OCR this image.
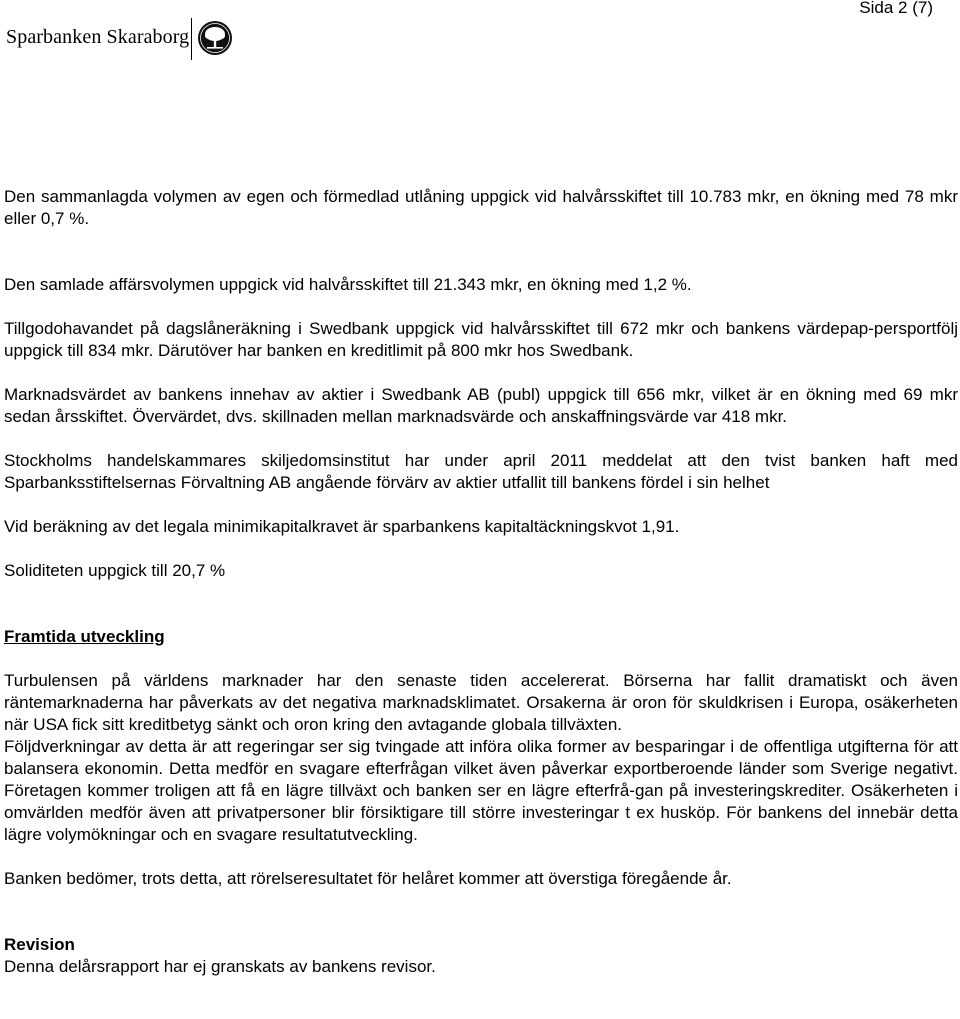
Sparbanken Skaraborg
Sida 2 (7)

Den sammanlagda volymen av egen och förmedlad utlåning uppgick vid halvårsskiftet till 10.783 mkr, en ökning med 78 mkr eller 0,7 %.

Den samlade affärsvolymen uppgick vid halvårsskiftet till 21.343 mkr, en ökning med 1,2 %.

Tillgodohavandet på dagslåneräkning i Swedbank uppgick vid halvårsskiftet till 672 mkr och bankens värdepap-persportfölj uppgick till 834 mkr. Därutöver har banken en kreditlimit på 800 mkr hos Swedbank.

Marknadsvärdet av bankens innehav av aktier i Swedbank AB (publ) uppgick till 656 mkr, vilket är en ökning med 69 mkr sedan årsskiftet. Övervärdet, dvs. skillnaden mellan marknadsvärde och anskaffningsvärde var 418 mkr.

Stockholms handelskammares skiljedomsinstitut har under april 2011 meddelat att den tvist banken haft med Sparbanksstiftelsernas Förvaltning AB angående förvärv av aktier utfallit till bankens fördel i sin helhet

Vid beräkning av det legala minimikapitalkravet är sparbankens kapitaltäckningskvot 1,91.

Soliditeten uppgick till 20,7 %

Framtida utveckling

Turbulensen på världens marknader har den senaste tiden accelererat. Börserna har fallit dramatiskt och även räntemarknaderna har påverkats av det negativa marknadsklimatet. Orsakerna är oron för skuldkrisen i Europa, osäkerheten när USA fick sitt kreditbetyg sänkt och oron kring den avtagande globala tillväxten.

Följdverkningar av detta är att regeringar ser sig tvingade att införa olika former av besparingar i de offentliga utgifterna för att balansera ekonomin. Detta medför en svagare efterfrågan vilket även påverkar exportberoende länder som Sverige negativt. Företagen kommer troligen att få en lägre tillväxt och banken ser en lägre efterfrå-gan på investeringskrediter. Osäkerheten i omvärlden medför även att privatpersoner blir försiktigare till större investeringar t ex husköp. För bankens del innebär detta lägre volymökningar och en svagare resultatutveckling.

Banken bedömer, trots detta, att rörelseresultatet för helåret kommer att överstiga föregående år.

Revision

Denna delårsrapport har ej granskats av bankens revisor.
